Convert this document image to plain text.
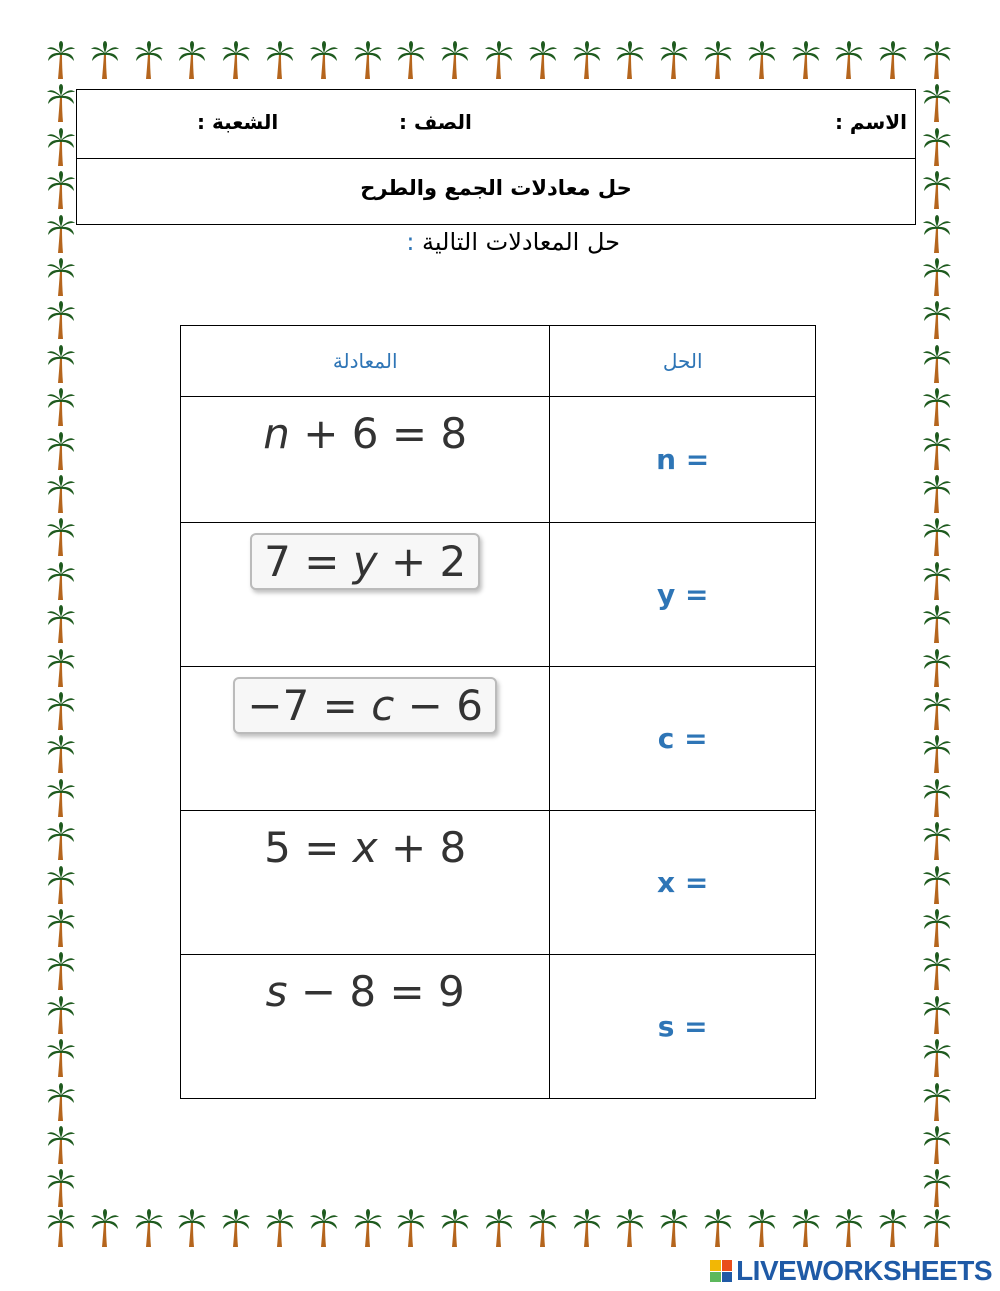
الاسم :
الصف :
الشعبة :
حل معادلات الجمع والطرح
حل المعادلات التالية :
المعادلة	الحل
n + 6 = 8	n =
7 = y + 2	y =
−7 = c − 6	c =
5 = x + 8	x =
s − 8 = 9	s =
LIVEWORKSHEETS
